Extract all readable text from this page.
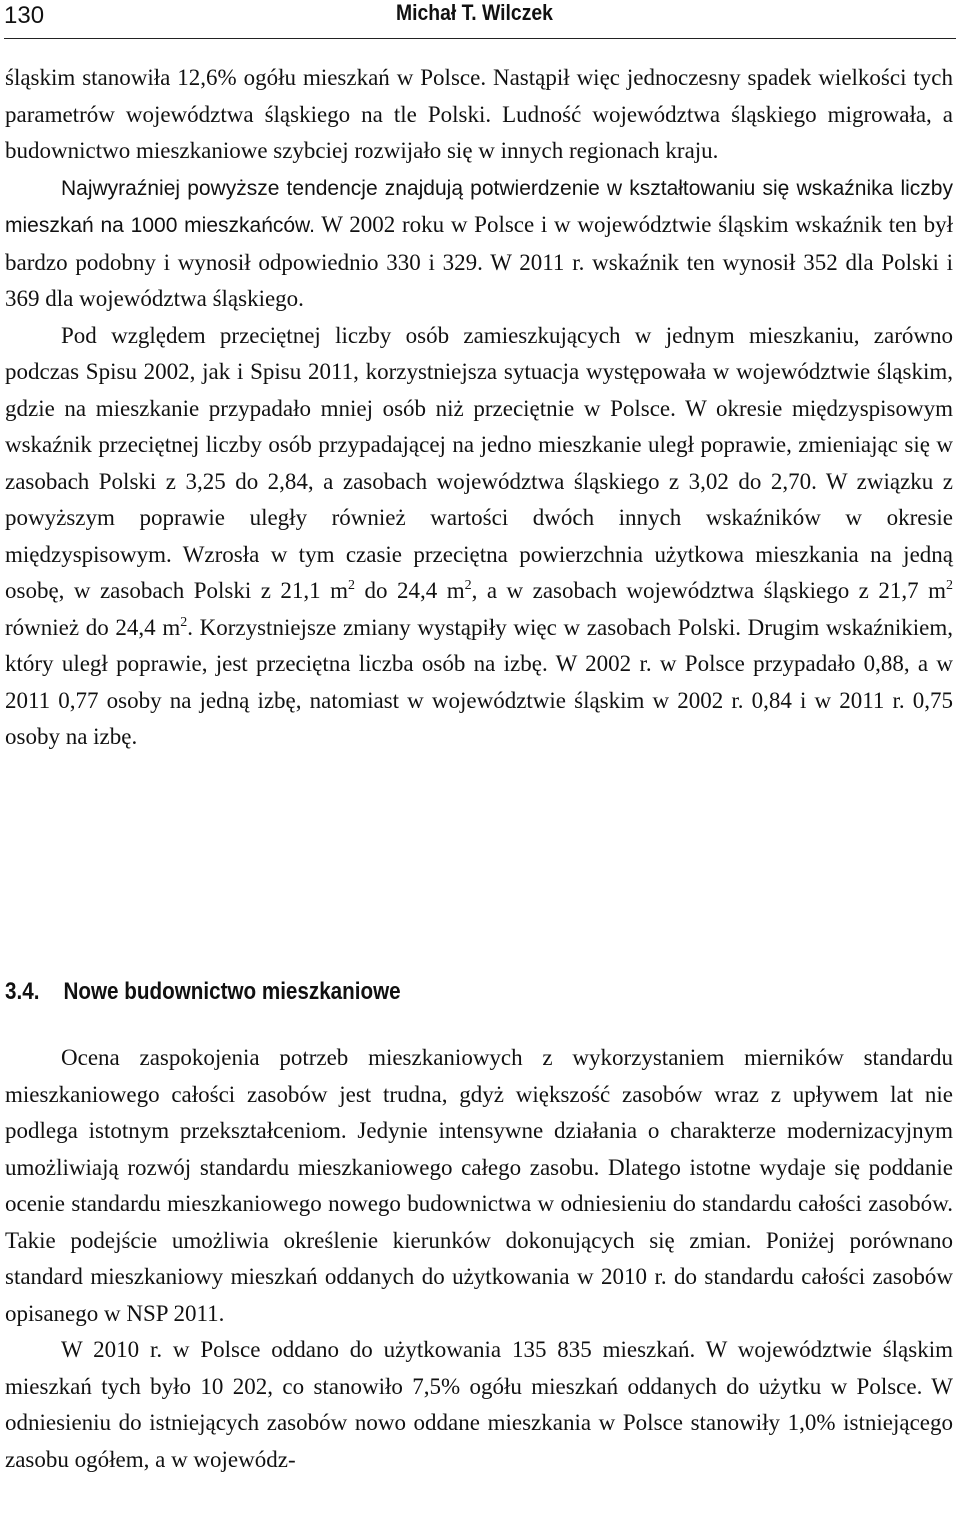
130	Michał T. Wilczek

śląskim stanowiła 12,6% ogółu mieszkań w Polsce. Nastąpił więc jednoczesny spadek wielkości tych parametrów województwa śląskiego na tle Polski. Ludność województwa śląskiego migrowała, a budownictwo mieszkaniowe szybciej rozwijało się w innych regionach kraju.

Najwyraźniej powyższe tendencje znajdują potwierdzenie w kształtowaniu się wskaźnika liczby mieszkań na 1000 mieszkańców. W 2002 roku w Polsce i w województwie śląskim wskaźnik ten był bardzo podobny i wynosił odpowiednio 330 i 329. W 2011 r. wskaźnik ten wynosił 352 dla Polski i 369 dla województwa śląskiego.

Pod względem przeciętnej liczby osób zamieszkujących w jednym mieszkaniu, zarówno podczas Spisu 2002, jak i Spisu 2011, korzystniejsza sytuacja występowała w województwie śląskim, gdzie na mieszkanie przypadało mniej osób niż przeciętnie w Polsce. W okresie międzyspisowym wskaźnik przeciętnej liczby osób przypadającej na jedno mieszkanie uległ poprawie, zmieniając się w zasobach Polski z 3,25 do 2,84, a zasobach województwa śląskiego z 3,02 do 2,70. W związku z powyższym poprawie uległy również wartości dwóch innych wskaźników w okresie międzyspisowym. Wzrosła w tym czasie przeciętna powierzchnia użytkowa mieszkania na jedną osobę, w zasobach Polski z 21,1 $m^2$ do 24,4 $m^2$, a w zasobach województwa śląskiego z 21,7 $m^2$ również do 24,4 $m^2$. Korzystniejsze zmiany wystąpiły więc w zasobach Polski. Drugim wskaźnikiem, który uległ poprawie, jest przeciętna liczba osób na izbę. W 2002 r. w Polsce przypadało 0,88, a w 2011 0,77 osoby na jedną izbę, natomiast w województwie śląskim w 2002 r. 0,84 i w 2011 r. 0,75 osoby na izbę.

3.4. Nowe budownictwo mieszkaniowe

Ocena zaspokojenia potrzeb mieszkaniowych z wykorzystaniem mierników standardu mieszkaniowego całości zasobów jest trudna, gdyż większość zasobów wraz z upływem lat nie podlega istotnym przekształceniom. Jedynie intensywne działania o charakterze modernizacyjnym umożliwiają rozwój standardu mieszkaniowego całego zasobu. Dlatego istotne wydaje się poddanie ocenie standardu mieszkaniowego nowego budownictwa w odniesieniu do standardu całości zasobów. Takie podejście umożliwia określenie kierunków dokonujących się zmian. Poniżej porównano standard mieszkaniowy mieszkań oddanych do użytkowania w 2010 r. do standardu całości zasobów opisanego w NSP 2011.

W 2010 r. w Polsce oddano do użytkowania 135 835 mieszkań. W województwie śląskim mieszkań tych było 10 202, co stanowiło 7,5% ogółu mieszkań oddanych do użytku w Polsce. W odniesieniu do istniejących zasobów nowo oddane mieszkania w Polsce stanowiły 1,0% istniejącego zasobu ogółem, a w wojewódz-
